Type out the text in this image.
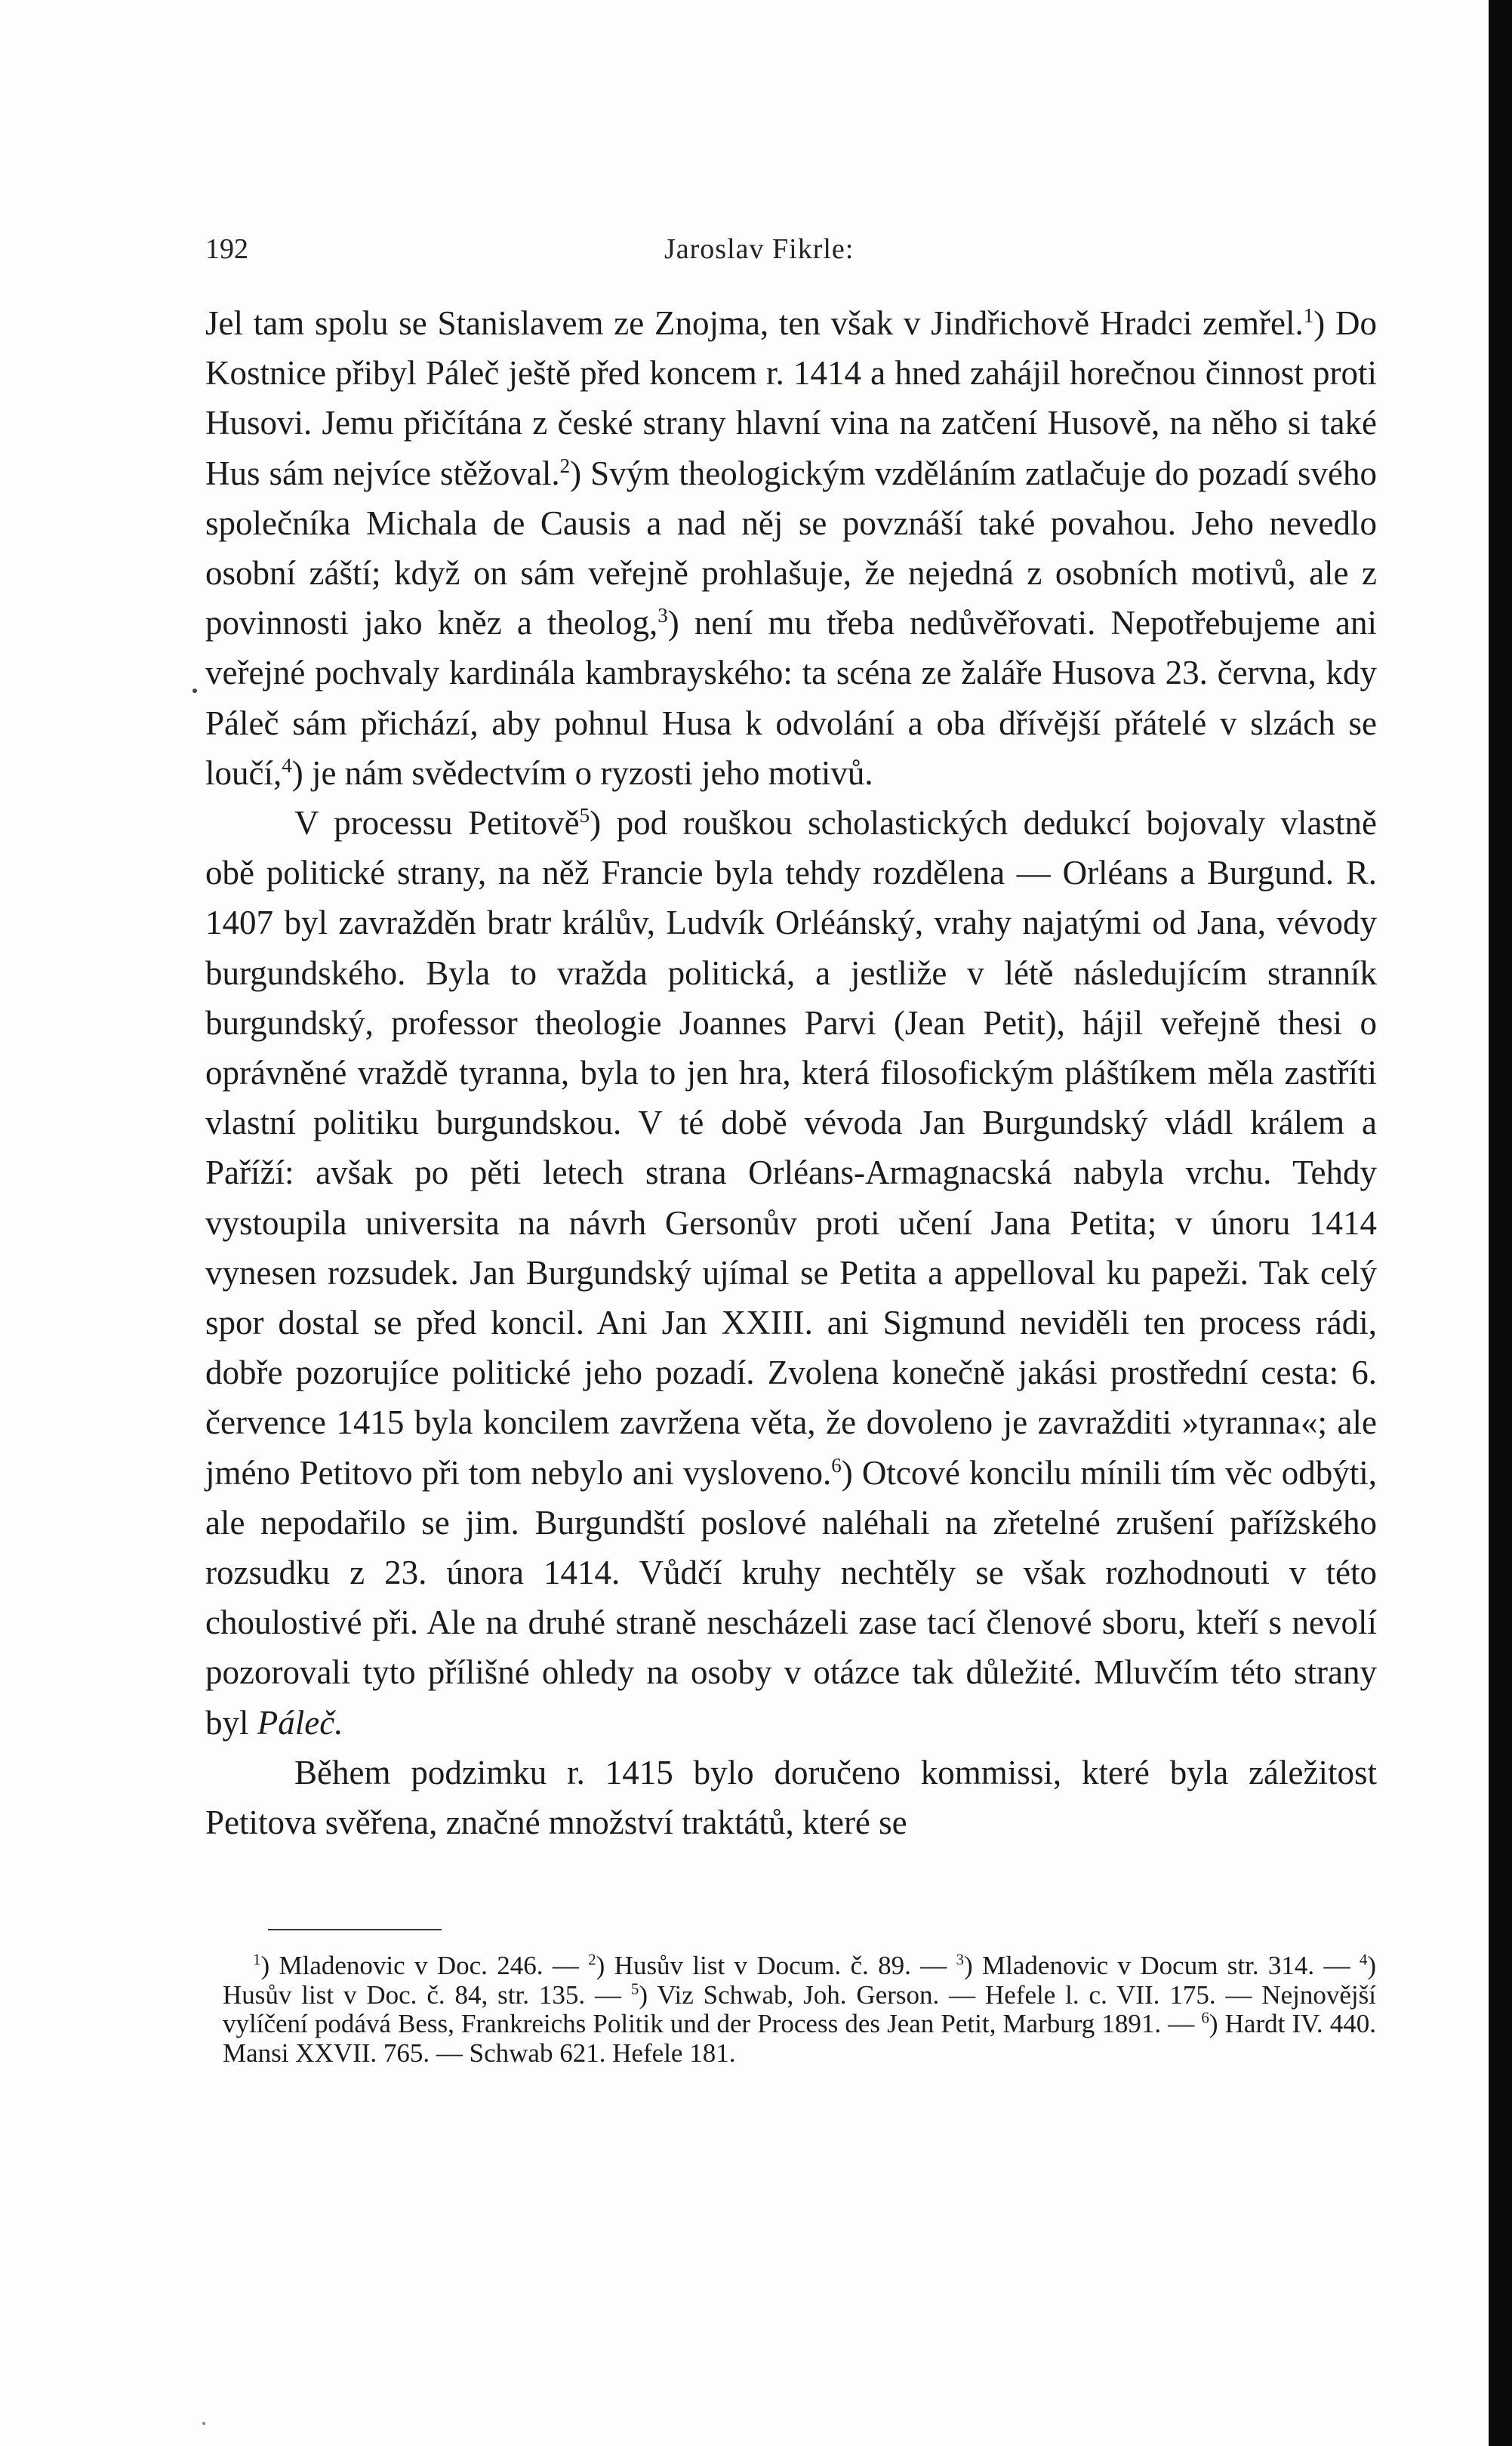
192	Jaroslav Fikrle:

Jel tam spolu se Stanislavem ze Znojma, ten však v Jindřichově Hradci zemřel.$^1$) Do Kostnice přibyl Páleč ještě před koncem r. 1414 a hned zahájil horečnou činnost proti Husovi. Jemu přičítána z české strany hlavní vina na zatčení Husově, na něho si také Hus sám nejvíce stěžoval.$^2$) Svým theologickým vzděláním zatlačuje do pozadí svého společníka Michala de Causis a nad něj se povznáší také povahou. Jeho nevedlo osobní záští; když on sám veřejně prohlašuje, že nejedná z osobních motivů, ale z povinnosti jako kněz a theolog,$^3$) není mu třeba nedůvěřovati. Nepotřebujeme ani veřejné pochvaly kardinála kambrayského: ta scéna ze žaláře Husova 23. června, kdy Páleč sám přichází, aby pohnul Husa k odvolání a oba dřívější přátelé v slzách se loučí,$^4$) je nám svědectvím o ryzosti jeho motivů.

V processu Petitově$^5$) pod rouškou scholastických dedukcí bojovaly vlastně obě politické strany, na něž Francie byla tehdy rozdělena — Orléans a Burgund. R. 1407 byl zavražděn bratr králův, Ludvík Orléánský, vrahy najatými od Jana, vévody burgundského. Byla to vražda politická, a jestliže v létě následujícím stranník burgundský, professor theologie Joannes Parvi (Jean Petit), hájil veřejně thesi o oprávněné vraždě tyranna, byla to jen hra, která filosofickým pláštíkem měla zastříti vlastní politiku burgundskou. V té době vévoda Jan Burgundský vládl králem a Paříží: avšak po pěti letech strana Orléans-Armagnacská nabyla vrchu. Tehdy vystoupila universita na návrh Gersonův proti učení Jana Petita; v únoru 1414 vynesen rozsudek. Jan Burgundský ujímal se Petita a appelloval ku papeži. Tak celý spor dostal se před koncil. Ani Jan XXIII. ani Sigmund neviděli ten process rádi, dobře pozorujíce politické jeho pozadí. Zvolena konečně jakási prostřední cesta: 6. července 1415 byla koncilem zavržena věta, že dovoleno je zavražditi »tyranna«; ale jméno Petitovo při tom nebylo ani vysloveno.$^6$) Otcové koncilu mínili tím věc odbýti, ale nepodařilo se jim. Burgundští poslové naléhali na zřetelné zrušení pařížského rozsudku z 23. února 1414. Vůdčí kruhy nechtěly se však rozhodnouti v této choulostivé při. Ale na druhé straně nescházeli zase tací členové sboru, kteří s nevolí pozorovali tyto přílišné ohledy na osoby v otázce tak důležité. Mluvčím této strany byl Páleč.

Během podzimku r. 1415 bylo doručeno kommissi, které byla záležitost Petitova svěřena, značné množství traktátů, které se

$^1$) Mladenovic v Doc. 246. — $^2$) Husův list v Docum. č. 89. — $^3$) Mladenovic v Docum str. 314. — $^4$) Husův list v Doc. č. 84, str. 135. — $^5$) Viz Schwab, Joh. Gerson. — Hefele l. c. VII. 175. — Nejnovější vylíčení podává Bess, Frankreichs Politik und der Process des Jean Petit, Marburg 1891. — $^6$) Hardt IV. 440. Mansi XXVII. 765. — Schwab 621. Hefele 181.
